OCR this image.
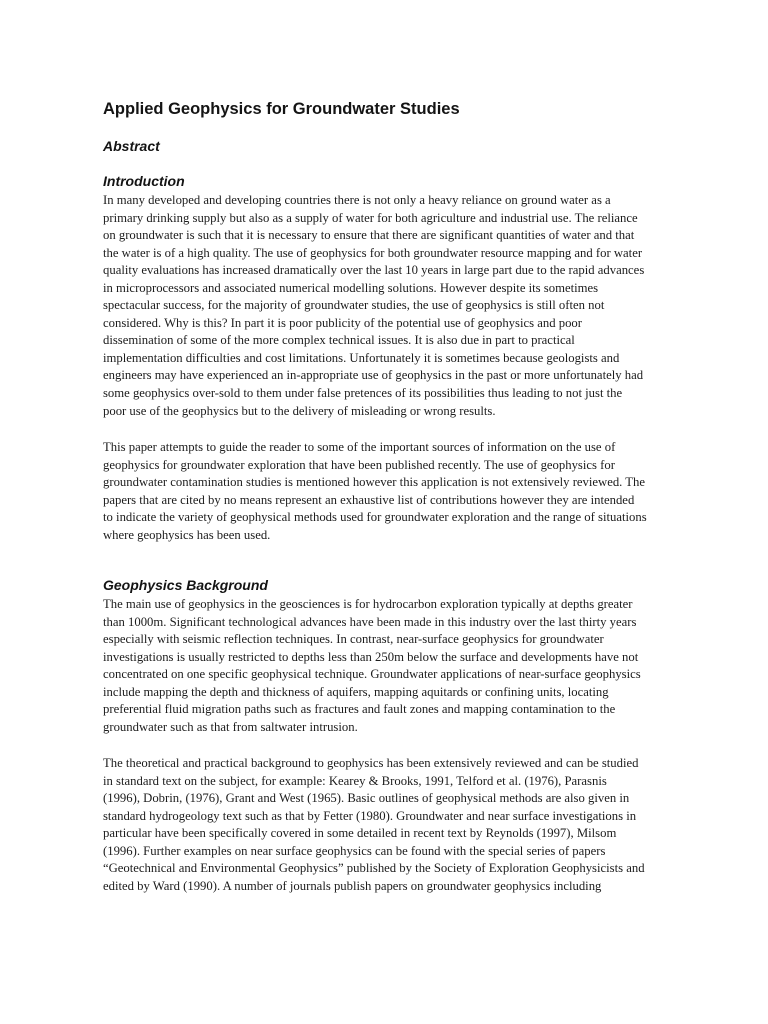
Applied Geophysics for Groundwater Studies
Abstract
Introduction
In many developed and developing countries there is not only a heavy reliance on ground water as a
primary drinking supply but also as a supply of water for both agriculture and industrial use. The reliance
on groundwater is such that it is necessary to ensure that there are significant quantities of water and that
the water is of a high quality. The use of geophysics for both groundwater resource mapping and for water
quality evaluations has increased dramatically over the last 10 years in large part due to the rapid advances
in microprocessors and associated numerical modelling solutions. However despite its sometimes
spectacular success, for the majority of groundwater studies, the use of geophysics is still often not
considered. Why is this? In part it is poor publicity of the potential use of geophysics and poor
dissemination of some of the more complex technical issues. It is also due in part to practical
implementation difficulties and cost limitations. Unfortunately it is sometimes because geologists and
engineers may have experienced an in-appropriate use of geophysics in the past or more unfortunately had
some geophysics over-sold to them under false pretences of its possibilities thus leading to not just the
poor use of the geophysics but to the delivery of misleading or wrong results.
This paper attempts to guide the reader to some of the important sources of information on the use of
geophysics for groundwater exploration that have been published recently. The use of geophysics for
groundwater contamination studies is mentioned however this application is not extensively reviewed. The
papers that are cited by no means represent an exhaustive list of contributions however they are intended
to indicate the variety of geophysical methods used for groundwater exploration and the range of situations
where geophysics has been used.
Geophysics Background
The main use of geophysics in the geosciences is for hydrocarbon exploration typically at depths greater
than 1000m. Significant technological advances have been made in this industry over the last thirty years
especially with seismic reflection techniques. In contrast, near-surface geophysics for groundwater
investigations is usually restricted to depths less than 250m below the surface and developments have not
concentrated on one specific geophysical technique. Groundwater applications of near-surface geophysics
include mapping the depth and thickness of aquifers, mapping aquitards or confining units, locating
preferential fluid migration paths such as fractures and fault zones and mapping contamination to the
groundwater such as that from saltwater intrusion.
The theoretical and practical background to geophysics has been extensively reviewed and can be studied
in standard text on the subject, for example: Kearey & Brooks, 1991, Telford et al. (1976), Parasnis
(1996), Dobrin, (1976), Grant and West (1965). Basic outlines of geophysical methods are also given in
standard hydrogeology text such as that by Fetter (1980). Groundwater and near surface investigations in
particular have been specifically covered in some detailed in recent text by Reynolds (1997), Milsom
(1996). Further examples on near surface geophysics can be found with the special series of papers
“Geotechnical and Environmental Geophysics” published by the Society of Exploration Geophysicists and
edited by Ward (1990). A number of journals publish papers on groundwater geophysics including
